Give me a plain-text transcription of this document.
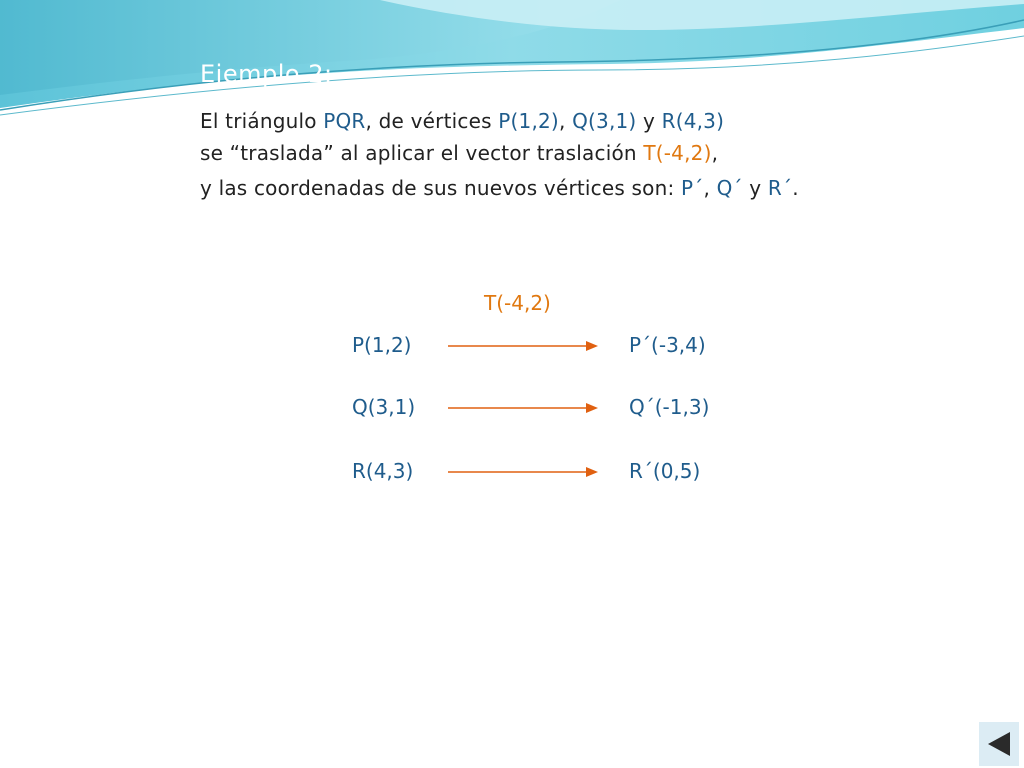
Ejemplo 2:
El triángulo PQR, de vértices P(1,2), Q(3,1) y R(4,3)
se “traslada” al aplicar el vector traslación T(-4,2),
y las coordenadas de sus nuevos vértices son: P´, Q´ y R´.
T(-4,2)
P(1,2)	P´(-3,4)
Q(3,1)	Q´(-1,3)
R(4,3)	R´(0,5)
